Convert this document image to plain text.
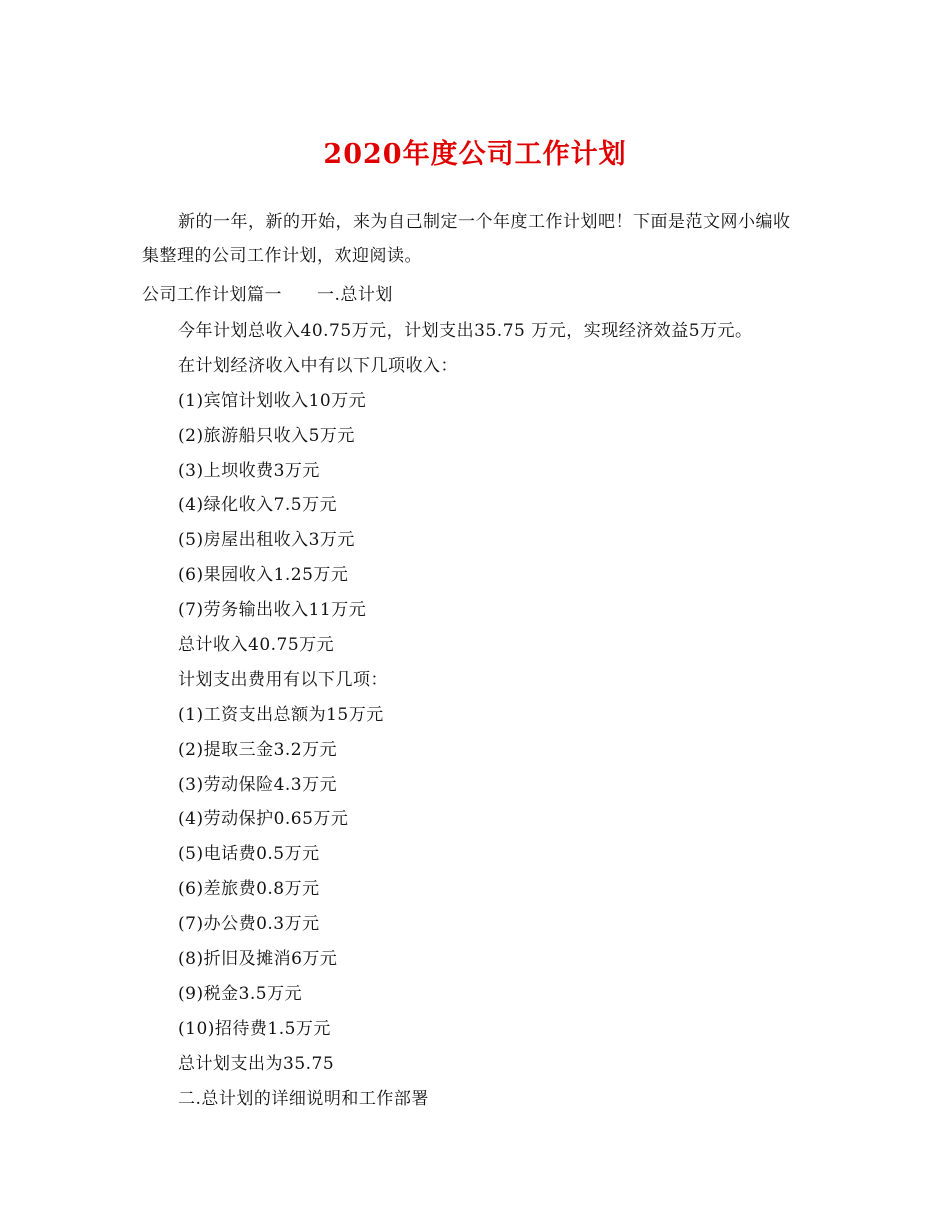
2020年度公司工作计划
新的一年，新的开始，来为自己制定一个年度工作计划吧！下面是范文网小编收集整理的公司工作计划，欢迎阅读。
公司工作计划篇一　　一.总计划
今年计划总收入40.75万元，计划支出35.75 万元，实现经济效益5万元。
在计划经济收入中有以下几项收入：
(1)宾馆计划收入10万元
(2)旅游船只收入5万元
(3)上坝收费3万元
(4)绿化收入7.5万元
(5)房屋出租收入3万元
(6)果园收入1.25万元
(7)劳务输出收入11万元
总计收入40.75万元
计划支出费用有以下几项：
(1)工资支出总额为15万元
(2)提取三金3.2万元
(3)劳动保险4.3万元
(4)劳动保护0.65万元
(5)电话费0.5万元
(6)差旅费0.8万元
(7)办公费0.3万元
(8)折旧及摊消6万元
(9)税金3.5万元
(10)招待费1.5万元
总计划支出为35.75
二.总计划的详细说明和工作部署
